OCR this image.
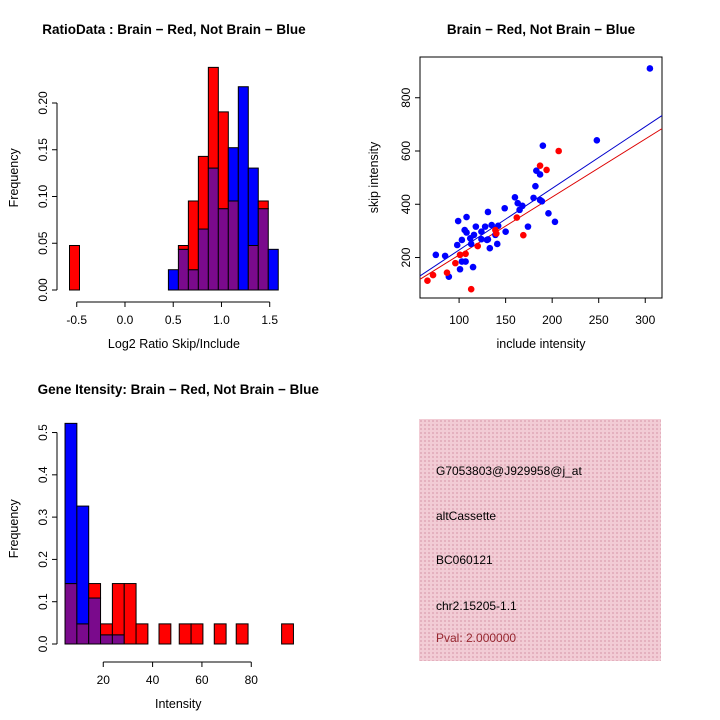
-0.5 0.0	0.5	1.0	1.5
0.00
0.05
0.10
0.15
0.20
RatioData : Brain − Red, Not Brain − Blue
Log2 Ratio Skip/Include
Frequency
100 150 200 250 300
200
400
600
800
Brain − Red, Not Brain − Blue
include intensity
skip intensity
20	40	60	80
0.0
0.1
0.2
0.3
0.4
0.5
Gene Itensity: Brain − Red, Not Brain − Blue
Intensity
Frequency
G7053803@J929958@j_at
altCassette
BC060121
chr2.15205-1.1
Pval: 2.000000
